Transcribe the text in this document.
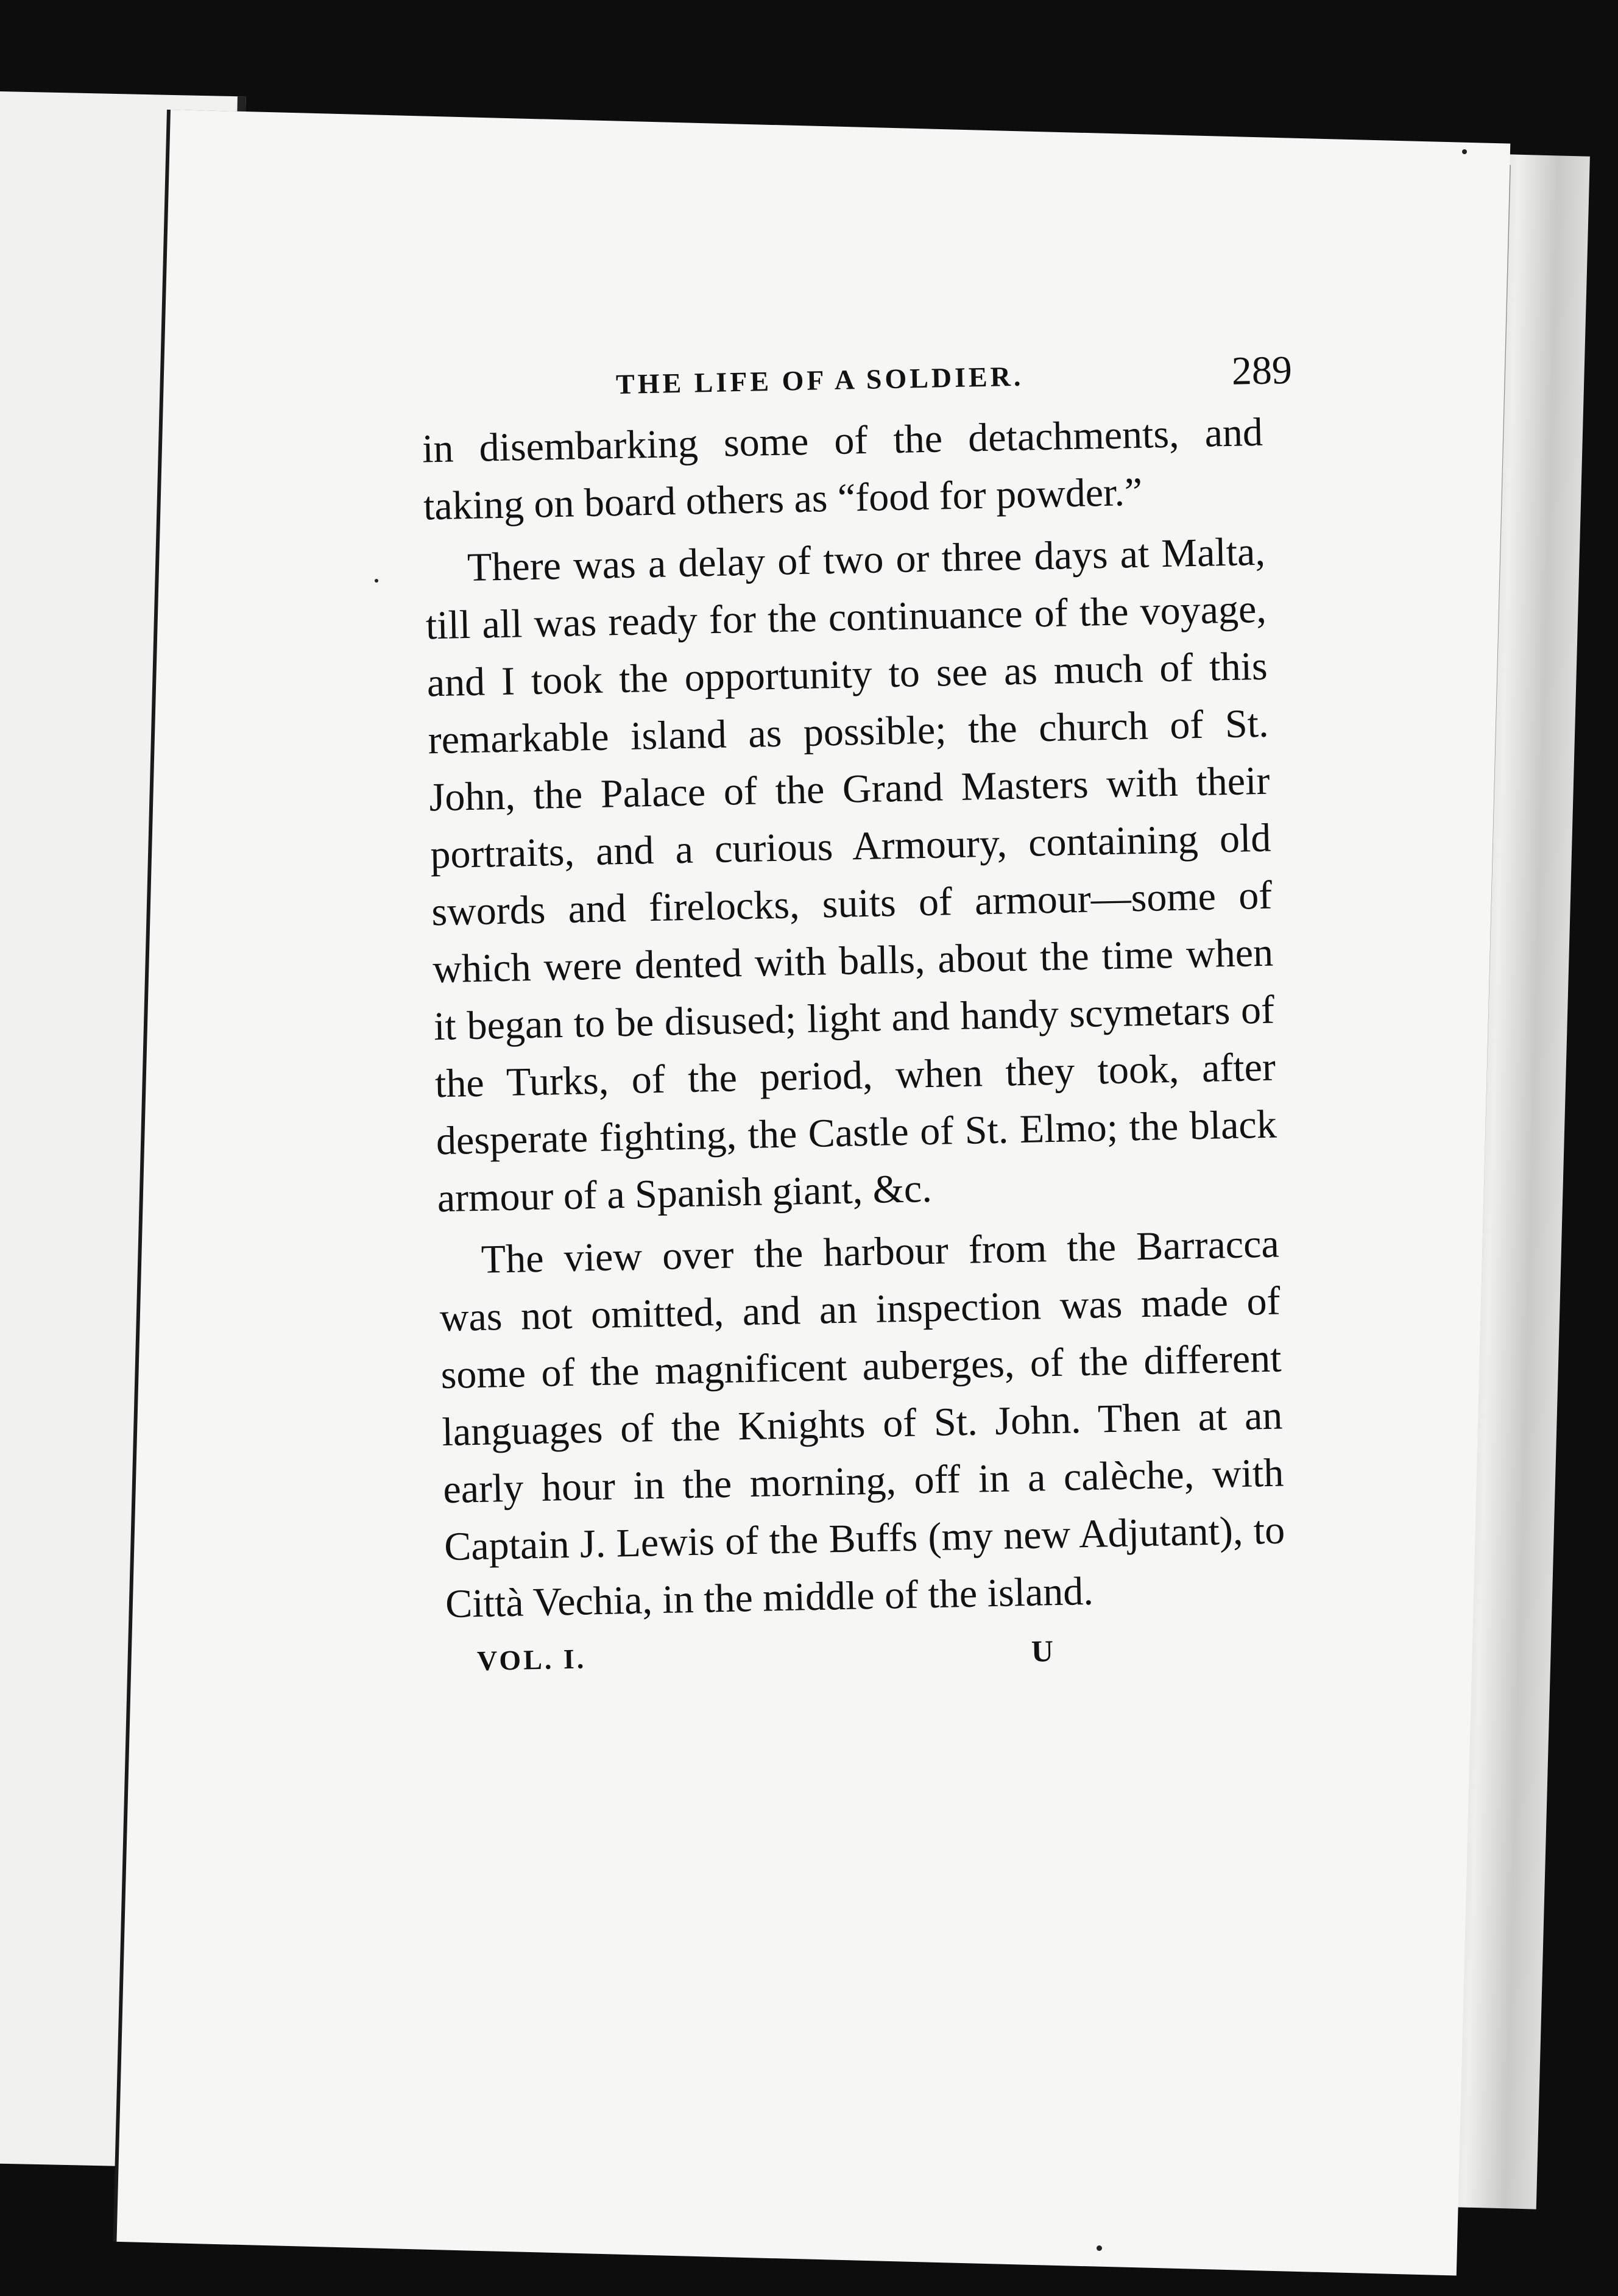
THE LIFE OF A SOLDIER.	289

in disembarking some of the detachments, and taking on board others as “food for powder.”

There was a delay of two or three days at Malta, till all was ready for the continuance of the voyage, and I took the opportunity to see as much of this remarkable island as possible; the church of St. John, the Palace of the Grand Masters with their portraits, and a curious Armoury, containing old swords and firelocks, suits of armour—some of which were dented with balls, about the time when it began to be disused; light and handy scymetars of the Turks, of the period, when they took, after desperate fighting, the Castle of St. Elmo; the black armour of a Spanish giant, &c.

The view over the harbour from the Barracca was not omitted, and an inspection was made of some of the magnificent auberges, of the different languages of the Knights of St. John. Then at an early hour in the morning, off in a calèche, with Captain J. Lewis of the Buffs (my new Adjutant), to Città Vechia, in the middle of the island.

VOL. I.	U
